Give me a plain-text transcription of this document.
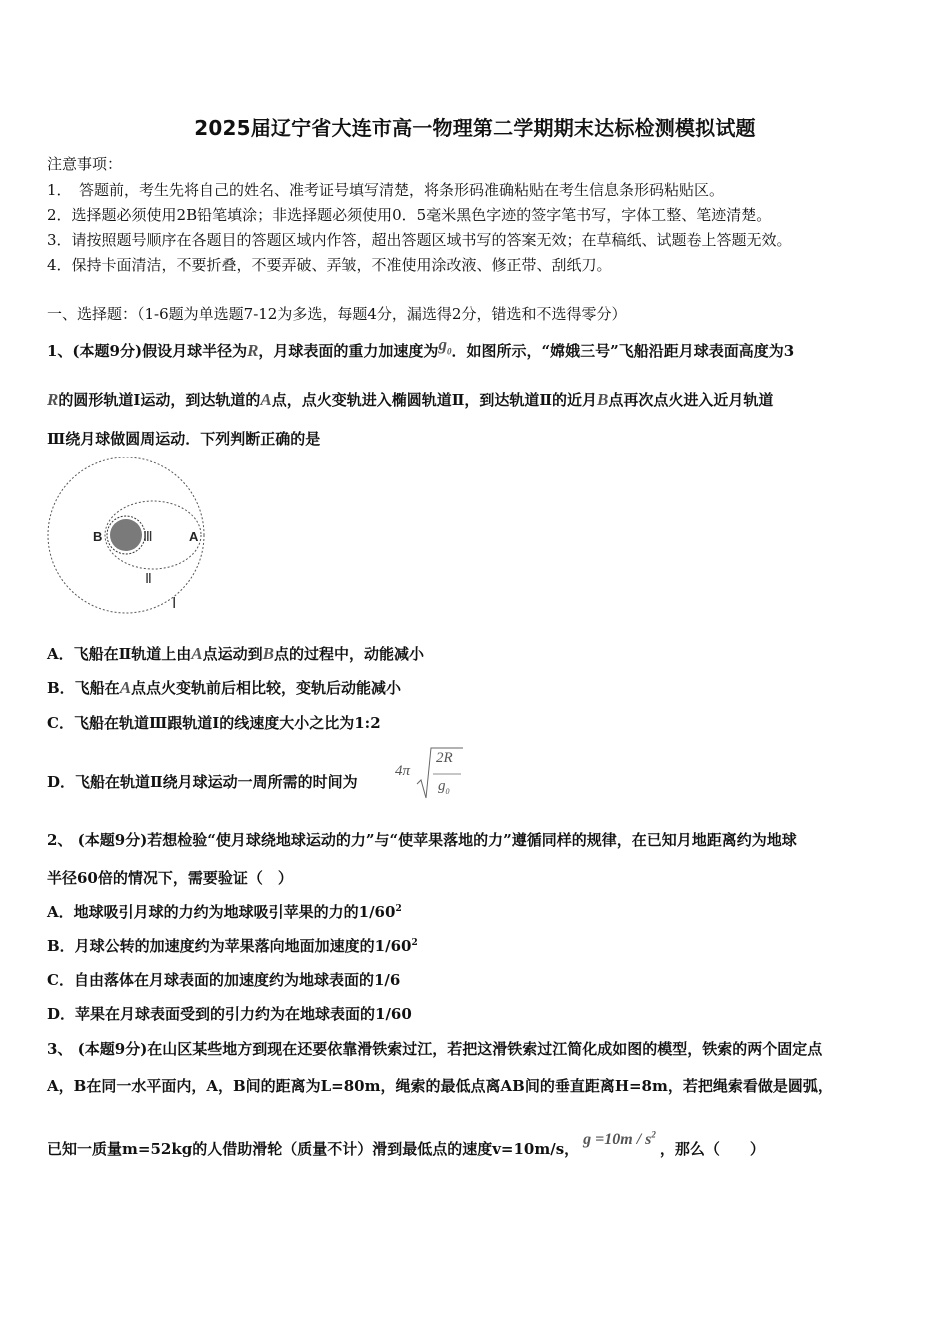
2025届辽宁省大连市高一物理第二学期期末达标检测模拟试题
注意事项：
1．　答题前，考生先将自己的姓名、准考证号填写清楚，将条形码准确粘贴在考生信息条形码粘贴区。
2．选择题必须使用2B铅笔填涂；非选择题必须使用0．5毫米黑色字迹的签字笔书写，字体工整、笔迹清楚。
3．请按照题号顺序在各题目的答题区域内作答，超出答题区域书写的答案无效；在草稿纸、试题卷上答题无效。
4．保持卡面清洁，不要折叠，不要弄破、弄皱，不准使用涂改液、修正带、刮纸刀。
一、选择题：（1-6题为单选题7-12为多选，每题4分，漏选得2分，错选和不选得零分）
1、(本题9分)假设月球半径为R，月球表面的重力加速度为$g_0$．如图所示，“嫦娥三号”飞船沿距月球表面高度为3
R的圆形轨道Ⅰ运动，到达轨道的A点，点火变轨进入椭圆轨道Ⅱ，到达轨道Ⅱ的近月B点再次点火进入近月轨道
Ⅲ绕月球做圆周运动．下列判断正确的是
B	Ⅲ	A
Ⅱ
Ⅰ
A．飞船在Ⅱ轨道上由A点运动到B点的过程中，动能减小
B．飞船在A点点火变轨前后相比较，变轨后动能减小
C．飞船在轨道Ⅲ跟轨道Ⅰ的线速度大小之比为1:2
D．飞船在轨道Ⅱ绕月球运动一周所需的时间为
4π
2R
$g_0$
2、 (本题9分)若想检验“使月球绕地球运动的力”与“使苹果落地的力”遵循同样的规律，在已知月地距离约为地球
半径60倍的情况下，需要验证（　）
A．地球吸引月球的力约为地球吸引苹果的力的$1/60^2$
B．月球公转的加速度约为苹果落向地面加速度的$1/60^2$
C．自由落体在月球表面的加速度约为地球表面的1/6
D．苹果在月球表面受到的引力约为在地球表面的1/60
3、 (本题9分)在山区某些地方到现在还要依靠滑铁索过江，若把这滑铁索过江简化成如图的模型，铁索的两个固定点
A，B在同一水平面内，A，B间的距离为L=80m，绳索的最低点离AB间的垂直距离H=8m，若把绳索看做是圆弧，
已知一质量m=52kg的人借助滑轮（质量不计）滑到最低点的速度v=10m/s，$g =10m / s^2$，那么（　　）
